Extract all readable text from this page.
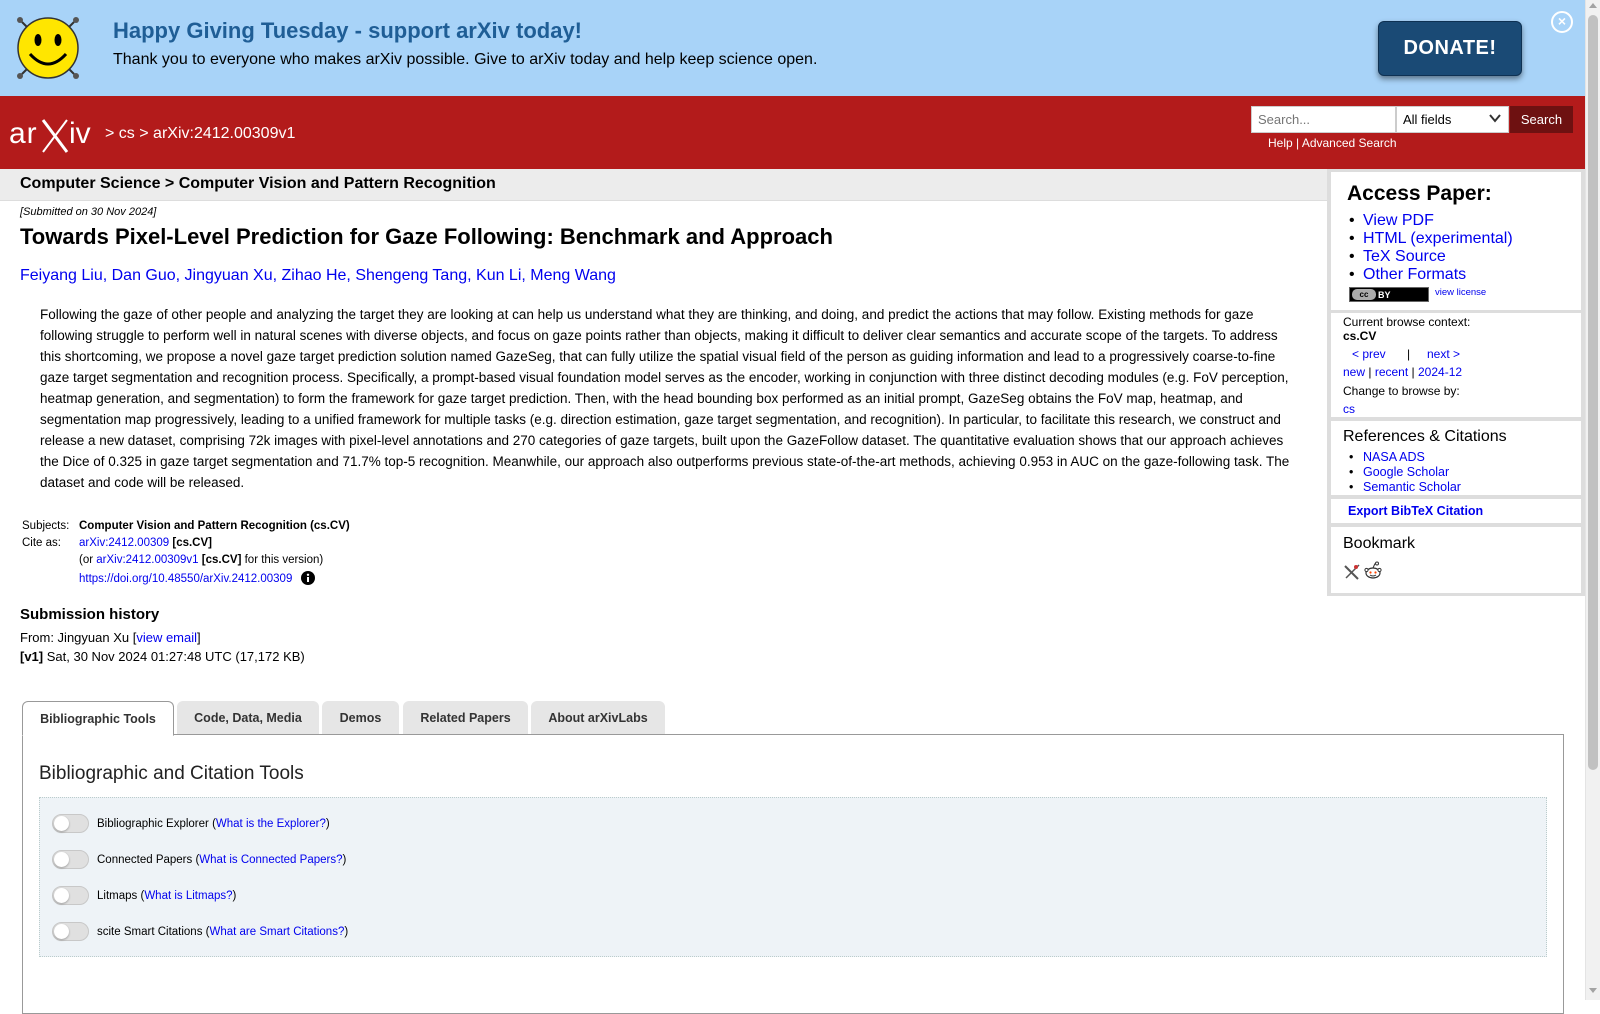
Happy Giving Tuesday - support arXiv today!
Thank you to everyone who makes arXiv possible. Give to arXiv today and help keep science open.
DONATE!
×
ar iv > cs > arXiv:2412.00309v1
Search...
All fields	Search
Help | Advanced Search
Computer Science > Computer Vision and Pattern Recognition
[Submitted on 30 Nov 2024]
Towards Pixel-Level Prediction for Gaze Following: Benchmark and Approach
Feiyang Liu, Dan Guo, Jingyuan Xu, Zihao He, Shengeng Tang, Kun Li, Meng Wang
Following the gaze of other people and analyzing the target they are looking at can help us understand what they are thinking, and doing, and predict the actions that may follow. Existing methods for gaze following struggle to perform well in natural scenes with diverse objects, and focus on gaze points rather than objects, making it difficult to deliver clear semantics and accurate scope of the targets. To address this shortcoming, we propose a novel gaze target prediction solution named GazeSeg, that can fully utilize the spatial visual field of the person as guiding information and lead to a progressively coarse-to-fine gaze target segmentation and recognition process. Specifically, a prompt-based visual foundation model serves as the encoder, working in conjunction with three distinct decoding modules (e.g. FoV perception, heatmap generation, and segmentation) to form the framework for gaze target prediction. Then, with the head bounding box performed as an initial prompt, GazeSeg obtains the FoV map, heatmap, and segmentation map progressively, leading to a unified framework for multiple tasks (e.g. direction estimation, gaze target segmentation, and recognition). In particular, to facilitate this research, we construct and release a new dataset, comprising 72k images with pixel-level annotations and 270 categories of gaze targets, built upon the GazeFollow dataset. The quantitative evaluation shows that our approach achieves the Dice of 0.325 in gaze target segmentation and 71.7% top-5 recognition. Meanwhile, our approach also outperforms previous state-of-the-art methods, achieving 0.953 in AUC on the gaze-following task. The dataset and code will be released.
Subjects:	Computer Vision and Pattern Recognition (cs.CV)
Cite as:	arXiv:2412.00309 [cs.CV]
	(or arXiv:2412.00309v1 [cs.CV] for this version)
	https://doi.org/10.48550/arXiv.2412.00309
Submission history
From: Jingyuan Xu [view email]
[v1] Sat, 30 Nov 2024 01:27:48 UTC (17,172 KB)
Bibliographic Tools	Code, Data, Media	Demos	Related Papers	About arXivLabs
Bibliographic and Citation Tools
Bibliographic Explorer ( What is the Explorer? )
Connected Papers ( What is Connected Papers? )
Litmaps ( What is Litmaps? )
scite Smart Citations ( What are Smart Citations? )
Access Paper:
• View PDF
• HTML (experimental)
• TeX Source
• Other Formats
cc	BY	view license
Current browse context:
cs.CV
< prev | next >
new | recent | 2024-12
Change to browse by:
cs
References & Citations
• NASA ADS
• Google Scholar
• Semantic Scholar
Export BibTeX Citation
Bookmark
